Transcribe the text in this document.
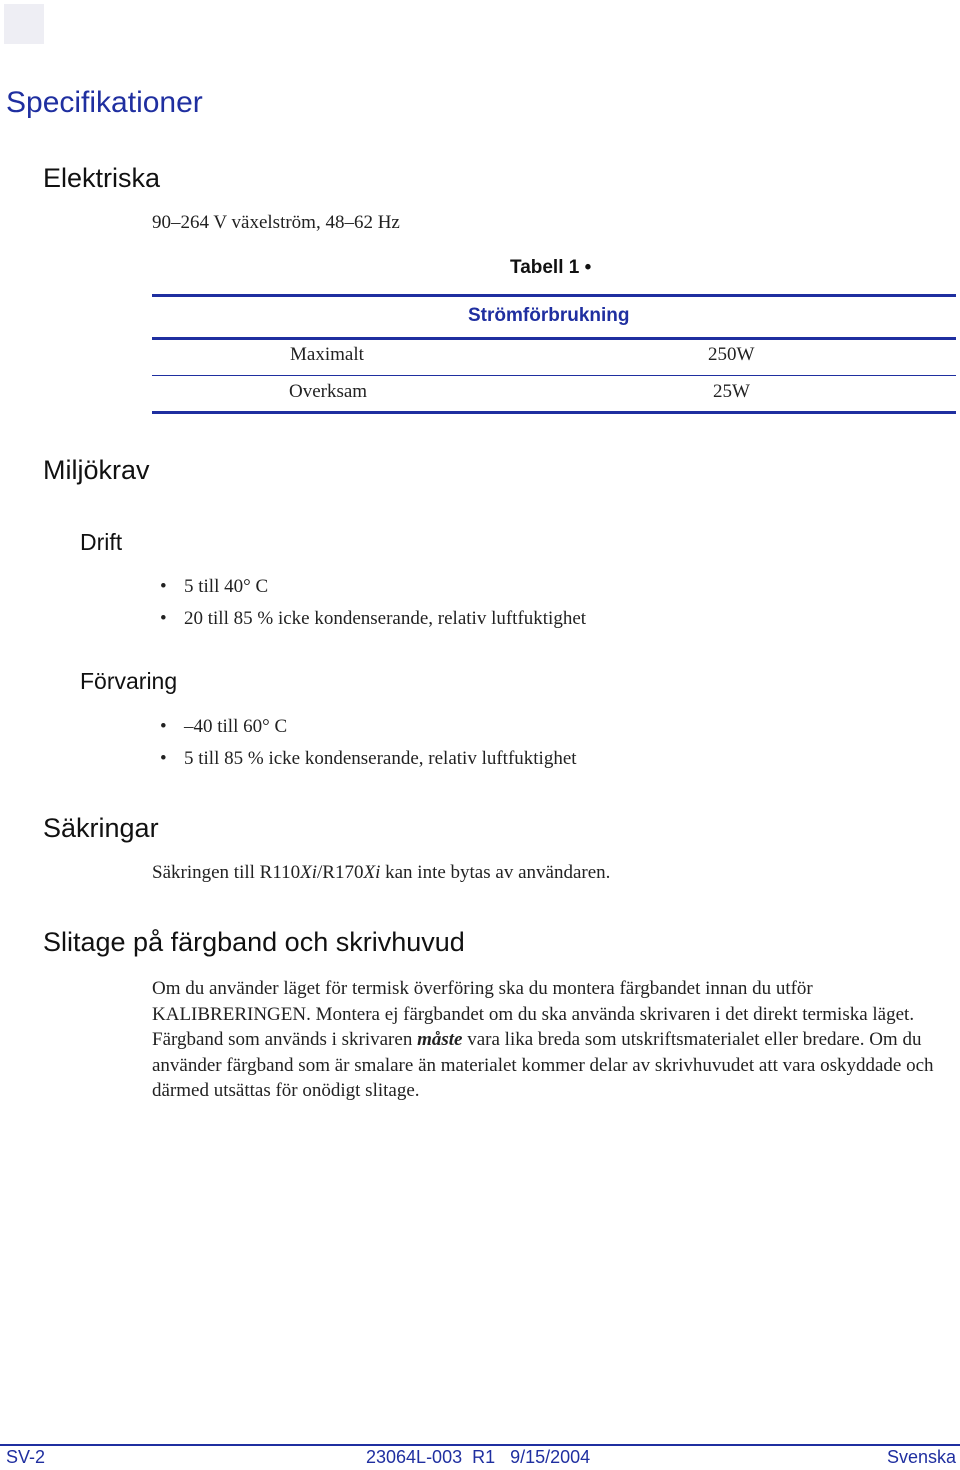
Specifikationer
Elektriska
90–264 V växelström, 48–62 Hz
Tabell 1 •
Strömförbrukning
Maximalt	250W
Overksam	25W
Miljökrav
Drift
• 5 till 40° C
• 20 till 85 % icke kondenserande, relativ luftfuktighet
Förvaring
• –40 till 60° C
• 5 till 85 % icke kondenserande, relativ luftfuktighet
Säkringar
Säkringen till R110Xi/R170Xi kan inte bytas av användaren.
Slitage på färgband och skrivhuvud
Om du använder läget för termisk överföring ska du montera färgbandet innan du utför KALIBRERINGEN. Montera ej färgbandet om du ska använda skrivaren i det direkt termiska läget. Färgband som används i skrivaren måste vara lika breda som utskriftsmaterialet eller bredare. Om du använder färgband som är smalare än materialet kommer delar av skrivhuvudet att vara oskyddade och därmed utsättas för onödigt slitage.
SV-2	23064L-003  R1   9/15/2004	Svenska
